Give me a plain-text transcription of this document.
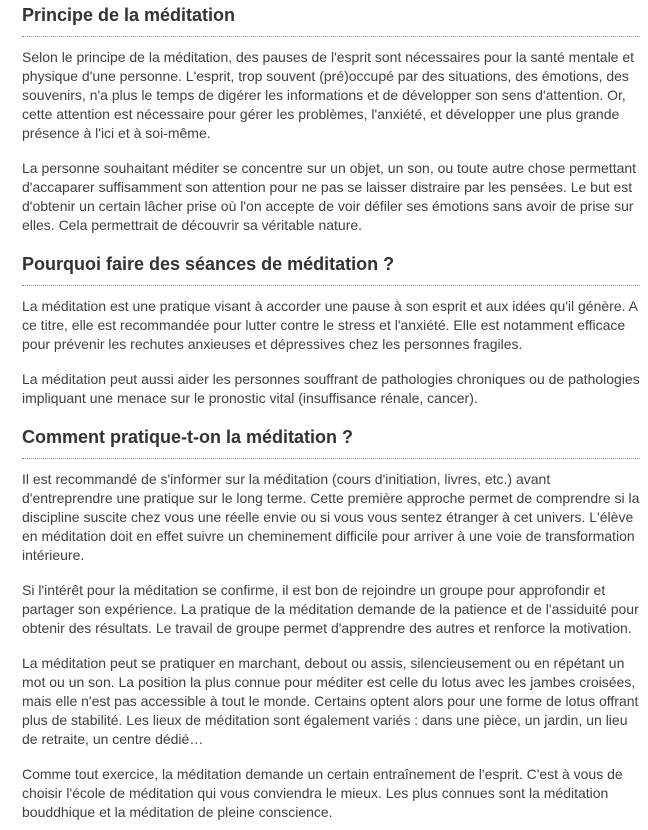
Principe de la méditation

Selon le principe de la méditation, des pauses de l'esprit sont nécessaires pour la santé mentale et physique d'une personne. L'esprit, trop souvent (pré)occupé par des situations, des émotions, des souvenirs, n'a plus le temps de digérer les informations et de développer son sens d'attention. Or, cette attention est nécessaire pour gérer les problèmes, l'anxiété, et développer une plus grande présence à l'ici et à soi-même.

La personne souhaitant méditer se concentre sur un objet, un son, ou toute autre chose permettant d'accaparer suffisamment son attention pour ne pas se laisser distraire par les pensées. Le but est d'obtenir un certain lâcher prise où l'on accepte de voir défiler ses émotions sans avoir de prise sur elles. Cela permettrait de découvrir sa véritable nature.

Pourquoi faire des séances de méditation ?

La méditation est une pratique visant à accorder une pause à son esprit et aux idées qu'il génère. A ce titre, elle est recommandée pour lutter contre le stress et l'anxiété. Elle est notamment efficace pour prévenir les rechutes anxieuses et dépressives chez les personnes fragiles.

La méditation peut aussi aider les personnes souffrant de pathologies chroniques ou de pathologies impliquant une menace sur le pronostic vital (insuffisance rénale, cancer).

Comment pratique-t-on la méditation ?

Il est recommandé de s'informer sur la méditation (cours d'initiation, livres, etc.) avant d'entreprendre une pratique sur le long terme. Cette première approche permet de comprendre si la discipline suscite chez vous une réelle envie ou si vous vous sentez étranger à cet univers. L'élève en méditation doit en effet suivre un cheminement difficile pour arriver à une voie de transformation intérieure.

Si l'intérêt pour la méditation se confirme, il est bon de rejoindre un groupe pour approfondir et partager son expérience. La pratique de la méditation demande de la patience et de l'assiduité pour obtenir des résultats. Le travail de groupe permet d'apprendre des autres et renforce la motivation.

La méditation peut se pratiquer en marchant, debout ou assis, silencieusement ou en répétant un mot ou un son. La position la plus connue pour méditer est celle du lotus avec les jambes croisées, mais elle n'est pas accessible à tout le monde. Certains optent alors pour une forme de lotus offrant plus de stabilité. Les lieux de méditation sont également variés : dans une pièce, un jardin, un lieu de retraite, un centre dédié…

Comme tout exercice, la méditation demande un certain entraînement de l'esprit. C'est à vous de choisir l'école de méditation qui vous conviendra le mieux. Les plus connues sont la méditation bouddhique et la méditation de pleine conscience.
